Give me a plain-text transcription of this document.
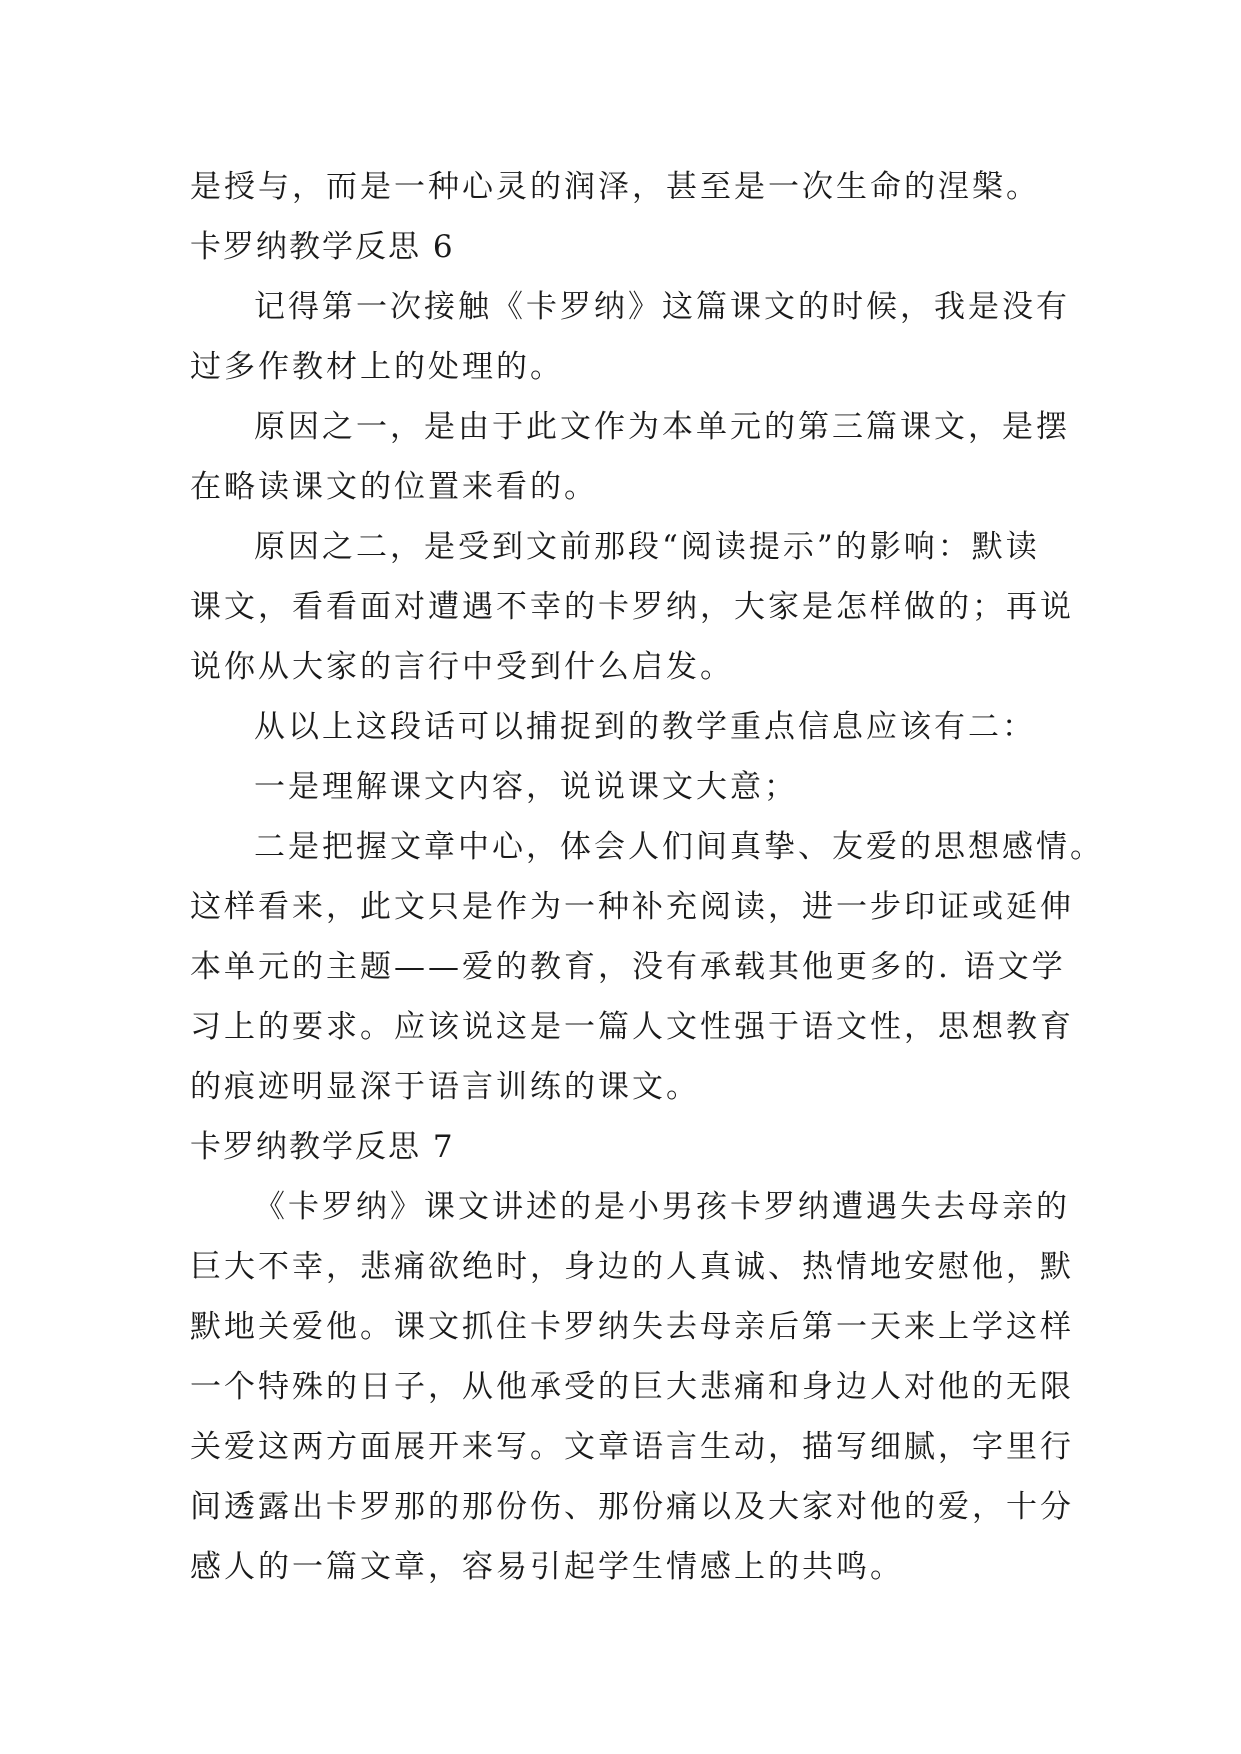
是授与，而是一种心灵的润泽，甚至是一次生命的涅槃。
卡罗纳教学反思 6
记得第一次接触《卡罗纳》这篇课文的时候，我是没有
过多作教材上的处理的。
原因之一，是由于此文作为本单元的第三篇课文，是摆
在略读课文的位置来看的。
原因之二，是受到文前那段“阅读提示”的影响：默读
课文，看看面对遭遇不幸的卡罗纳，大家是怎样做的；再说
说你从大家的言行中受到什么启发。
从以上这段话可以捕捉到的教学重点信息应该有二：
一是理解课文内容，说说课文大意；
二是把握文章中心，体会人们间真挚、友爱的思想感情。
这样看来，此文只是作为一种补充阅读，进一步印证或延伸
本单元的主题——爱的教育，没有承载其他更多的. 语文学
习上的要求。应该说这是一篇人文性强于语文性，思想教育
的痕迹明显深于语言训练的课文。
卡罗纳教学反思 7
《卡罗纳》课文讲述的是小男孩卡罗纳遭遇失去母亲的
巨大不幸，悲痛欲绝时，身边的人真诚、热情地安慰他，默
默地关爱他。课文抓住卡罗纳失去母亲后第一天来上学这样
一个特殊的日子，从他承受的巨大悲痛和身边人对他的无限
关爱这两方面展开来写。文章语言生动，描写细腻，字里行
间透露出卡罗那的那份伤、那份痛以及大家对他的爱，十分
感人的一篇文章，容易引起学生情感上的共鸣。
